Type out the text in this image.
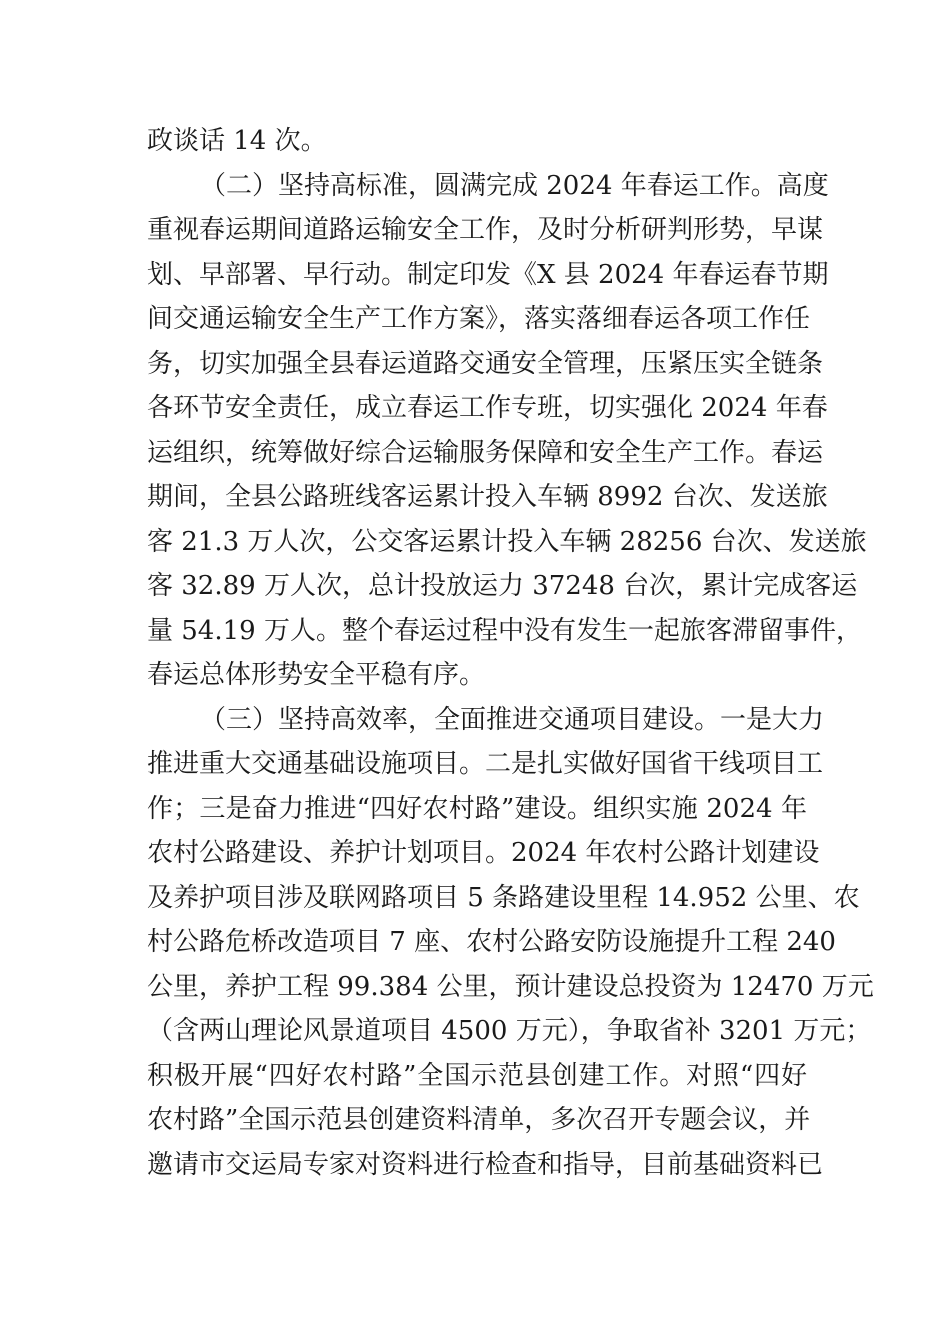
政谈话 14 次。
（二）坚持高标准，圆满完成 2024 年春运工作。高度
重视春运期间道路运输安全工作，及时分析研判形势，早谋
划、早部署、早行动。制定印发《X 县 2024 年春运春节期
间交通运输安全生产工作方案》，落实落细春运各项工作任
务，切实加强全县春运道路交通安全管理，压紧压实全链条
各环节安全责任，成立春运工作专班，切实强化 2024 年春
运组织，统筹做好综合运输服务保障和安全生产工作。春运
期间，全县公路班线客运累计投入车辆 8992 台次、发送旅
客 21.3 万人次，公交客运累计投入车辆 28256 台次、发送旅
客 32.89 万人次，总计投放运力 37248 台次，累计完成客运
量 54.19 万人。整个春运过程中没有发生一起旅客滞留事件，
春运总体形势安全平稳有序。
（三）坚持高效率，全面推进交通项目建设。一是大力
推进重大交通基础设施项目。二是扎实做好国省干线项目工
作；三是奋力推进“四好农村路”建设。组织实施 2024 年
农村公路建设、养护计划项目。2024 年农村公路计划建设
及养护项目涉及联网路项目 5 条路建设里程 14.952 公里、农
村公路危桥改造项目 7 座、农村公路安防设施提升工程 240
公里，养护工程 99.384 公里，预计建设总投资为 12470 万元
（含两山理论风景道项目 4500 万元），争取省补 3201 万元；
积极开展“四好农村路”全国示范县创建工作。对照“四好
农村路”全国示范县创建资料清单，多次召开专题会议，并
邀请市交运局专家对资料进行检查和指导，目前基础资料已
